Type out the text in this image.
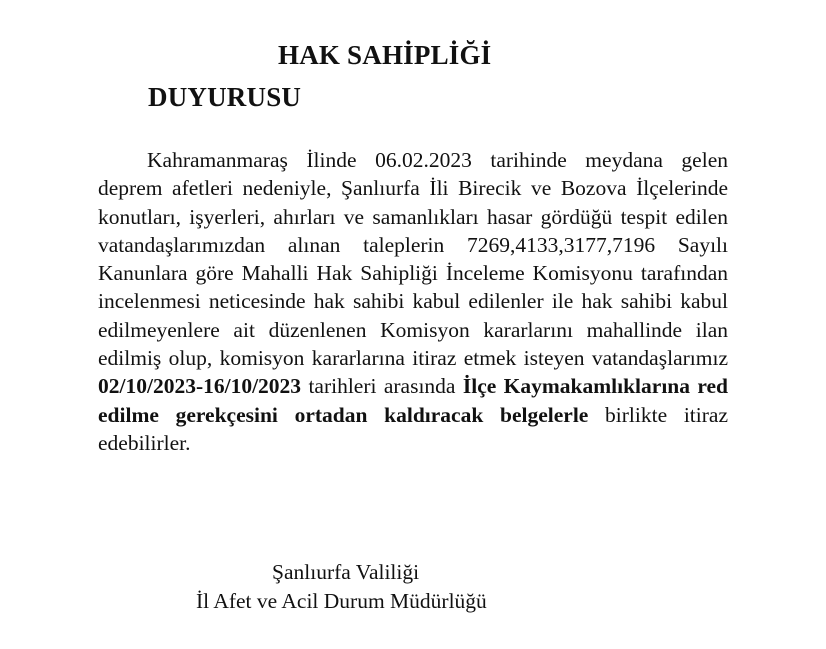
HAK SAHİPLİĞİ
DUYURUSU

Kahramanmaraş İlinde 06.02.2023 tarihinde meydana gelen deprem afetleri nedeniyle, Şanlıurfa İli Birecik ve Bozova İlçelerinde konutları, işyerleri, ahırları ve samanlıkları hasar gördüğü tespit edilen vatandaşlarımızdan alınan taleplerin 7269,4133,3177,7196 Sayılı Kanunlara göre Mahalli Hak Sahipliği İnceleme Komisyonu tarafından incelenmesi neticesinde hak sahibi kabul edilenler ile hak sahibi kabul edilmeyenlere ait düzenlenen Komisyon kararlarını mahallinde ilan edilmiş olup, komisyon kararlarına itiraz etmek isteyen vatandaşlarımız 02/10/2023-16/10/2023 tarihleri arasında İlçe Kaymakamlıklarına red edilme gerekçesini ortadan kaldıracak belgelerle birlikte itiraz edebilirler.

Şanlıurfa Valiliği
İl Afet ve Acil Durum Müdürlüğü
